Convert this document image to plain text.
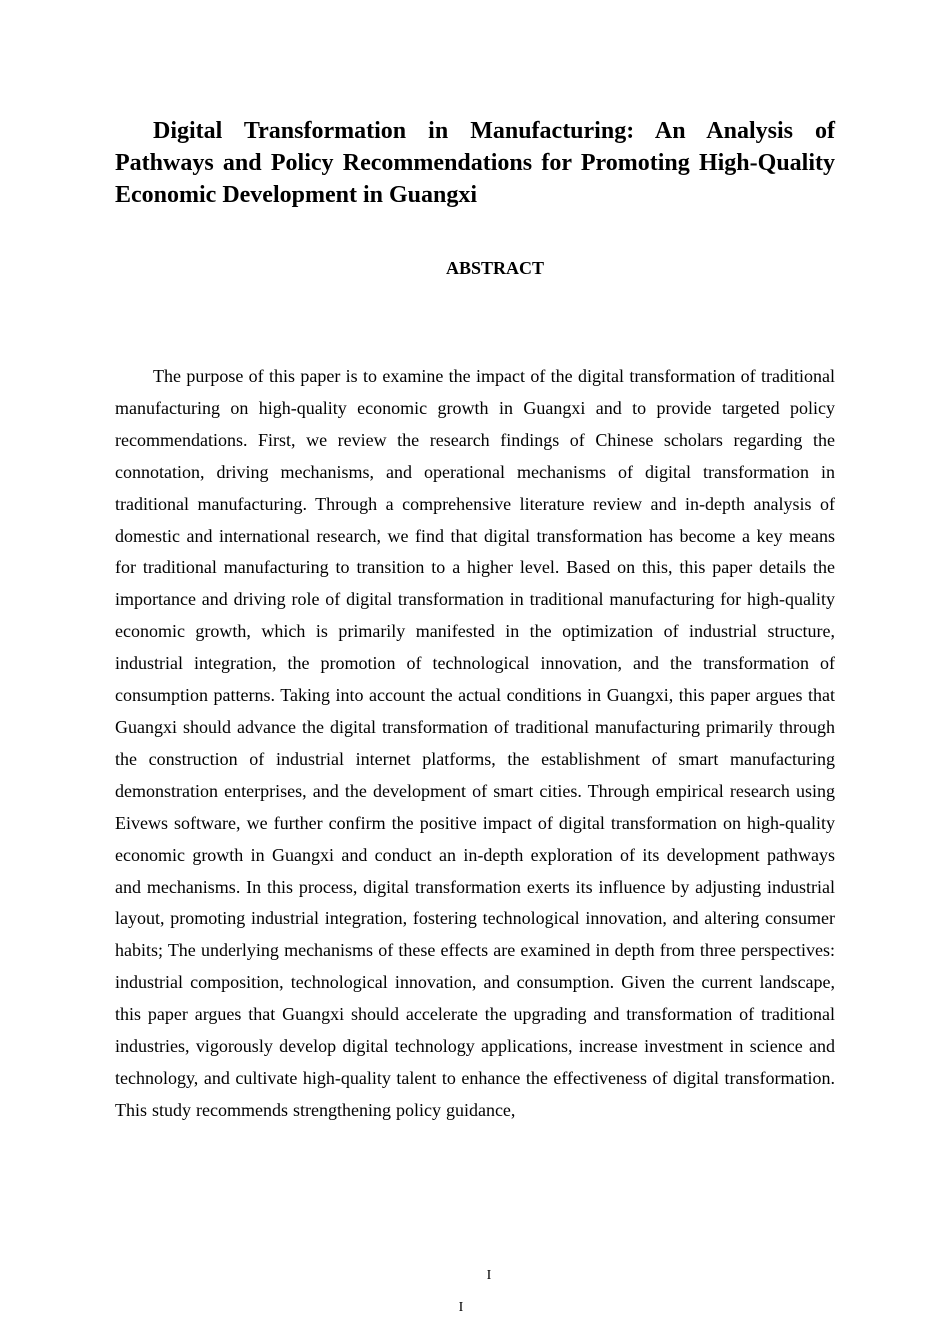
Digital Transformation in Manufacturing: An Analysis of Pathways and Policy Recommendations for Promoting High-Quality Economic Development in Guangxi
ABSTRACT

The purpose of this paper is to examine the impact of the digital transformation of traditional manufacturing on high-quality economic growth in Guangxi and to provide targeted policy recommendations. First, we review the research findings of Chinese scholars regarding the connotation, driving mechanisms, and operational mechanisms of digital transformation in traditional manufacturing. Through a comprehensive literature review and in-depth analysis of domestic and international research, we find that digital transformation has become a key means for traditional manufacturing to transition to a higher level. Based on this, this paper details the importance and driving role of digital transformation in traditional manufacturing for high-quality economic growth, which is primarily manifested in the optimization of industrial structure, industrial integration, the promotion of technological innovation, and the transformation of consumption patterns. Taking into account the actual conditions in Guangxi, this paper argues that Guangxi should advance the digital transformation of traditional manufacturing primarily through the construction of industrial internet platforms, the establishment of smart manufacturing demonstration enterprises, and the development of smart cities. Through empirical research using Eivews software, we further confirm the positive impact of digital transformation on high-quality economic growth in Guangxi and conduct an in-depth exploration of its development pathways and mechanisms. In this process, digital transformation exerts its influence by adjusting industrial layout, promoting industrial integration, fostering technological innovation, and altering consumer habits; The underlying mechanisms of these effects are examined in depth from three perspectives: industrial composition, technological innovation, and consumption. Given the current landscape, this paper argues that Guangxi should accelerate the upgrading and transformation of traditional industries, vigorously develop digital technology applications, increase investment in science and technology, and cultivate high-quality talent to enhance the effectiveness of digital transformation. This study recommends strengthening policy guidance,

I
I
